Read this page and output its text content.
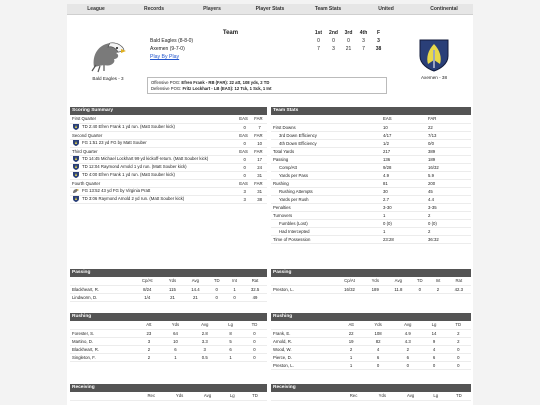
League	Records	Players	Player Stats	Team Stats	United	Continental
Bald Eagles - 3
Team	1st	2nd	3rd	4th	F
Bald Eagles (8-8-0)	0	0	0	3	3
Axemen (9-7-0)	7	3	21	7	38
Play By Play					
Axemen - 38
Offensive POG: Efren Frank - RB (FAR): 22 att, 108 yds, 2 TD
Defensive POG: Fritz Lockhart - LB (EAS): 12 Tck, 1 Sck, 1 Int
Scoring Summary
First Quarter	EAS	FAR
TD 2:40 Efren Frank 1 yd run. (Matt Souber kick)	0	7
Second Quarter	EAS	FAR
FG 1:51 23 yd FG by Matt Souber	0	10
Third Quarter	EAS	FAR
TD 14:45 Michael Lockhart 99 yd kickoff-return. (Matt Souber kick)	0	17
TD 12:04 Raymond Arnold 1 yd run. (Matt Souber kick)	0	24
TD 4:00 Efren Frank 1 yd run. (Matt Souber kick)	0	31
Fourth Quarter	EAS	FAR
FG 13:52 43 yd FG by Virginia Pratt	3	31
TD 3:06 Raymond Arnold 2 yd run. (Matt Souber kick)	3	38
Team Stats
	EAS	FAR
First Downs	10	22
3rd Down Efficiency	4/17	7/13
4th Down Efficiency	1/2	0/0
Total Yards	217	389
Passing	136	189
Comp/Att	9/28	16/32
Yards per Pass	4.9	5.9
Rushing	81	200
Rushing Attempts	30	45
Yards per Rush	2.7	4.4
Penalties	3-30	3-35
Turnovers	1	2
Fumbles (Lost)	0 (0)	0 (0)
Had Intercepted	1	2
Time of Possession	23:28	36:32
Passing
	Cp/At	Yds	Avg	TD	Int	Rat
Blackheart, R.	8/24	115	14.4	0	1	32.5
Lindworm, D.	1/4	21	21	0	0	49
Passing
	Cp/At	Yds	Avg	TD	Int	Rat
Preston, L.	16/32	189	11.8	0	2	42.3
Rushing
	Att	Yds	Avg	Lg	TD
Forester, S.	23	64	2.8	8	0
Martino, D.	3	10	3.3	5	0
Blackheart, R.	2	6	3	6	0
Singleton, F.	2	1	0.5	1	0
Rushing
	Att	Yds	Avg	Lg	TD
Frank, E.	22	108	4.9	14	2
Arnold, R.	19	82	4.3	9	2
Wood, W.	2	4	2	4	0
Pierce, D.	1	6	6	6	0
Preston, L.	1	0	0	0	0
Receiving
	Rec	Yds	Avg	Lg	TD
Receiving
	Rec	Yds	Avg	Lg	TD
